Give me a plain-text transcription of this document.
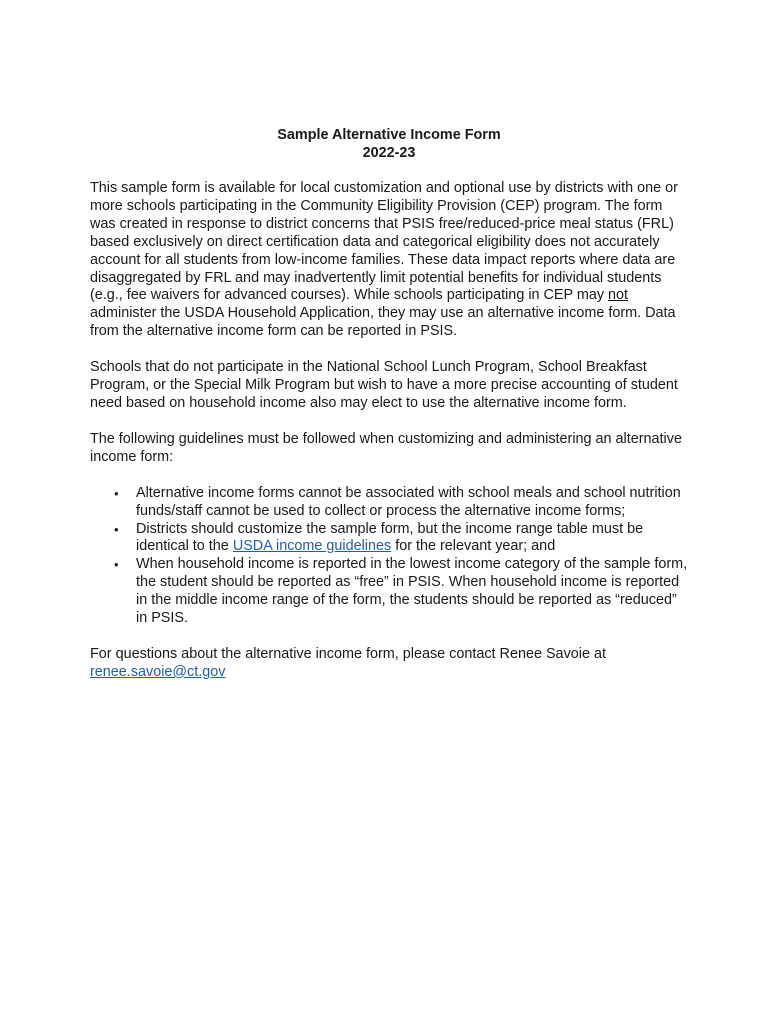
Sample Alternative Income Form
2022-23

This sample form is available for local customization and optional use by districts with one or more schools participating in the Community Eligibility Provision (CEP) program. The form was created in response to district concerns that PSIS free/reduced-price meal status (FRL) based exclusively on direct certification data and categorical eligibility does not accurately account for all students from low-income families. These data impact reports where data are disaggregated by FRL and may inadvertently limit potential benefits for individual students (e.g., fee waivers for advanced courses). While schools participating in CEP may not administer the USDA Household Application, they may use an alternative income form. Data from the alternative income form can be reported in PSIS.

Schools that do not participate in the National School Lunch Program, School Breakfast Program, or the Special Milk Program but wish to have a more precise accounting of student need based on household income also may elect to use the alternative income form.

The following guidelines must be followed when customizing and administering an alternative income form:

• Alternative income forms cannot be associated with school meals and school nutrition funds/staff cannot be used to collect or process the alternative income forms;
• Districts should customize the sample form, but the income range table must be identical to the USDA income guidelines for the relevant year; and
• When household income is reported in the lowest income category of the sample form, the student should be reported as “free” in PSIS. When household income is reported in the middle income range of the form, the students should be reported as “reduced” in PSIS.

For questions about the alternative income form, please contact Renee Savoie at renee.savoie@ct.gov
